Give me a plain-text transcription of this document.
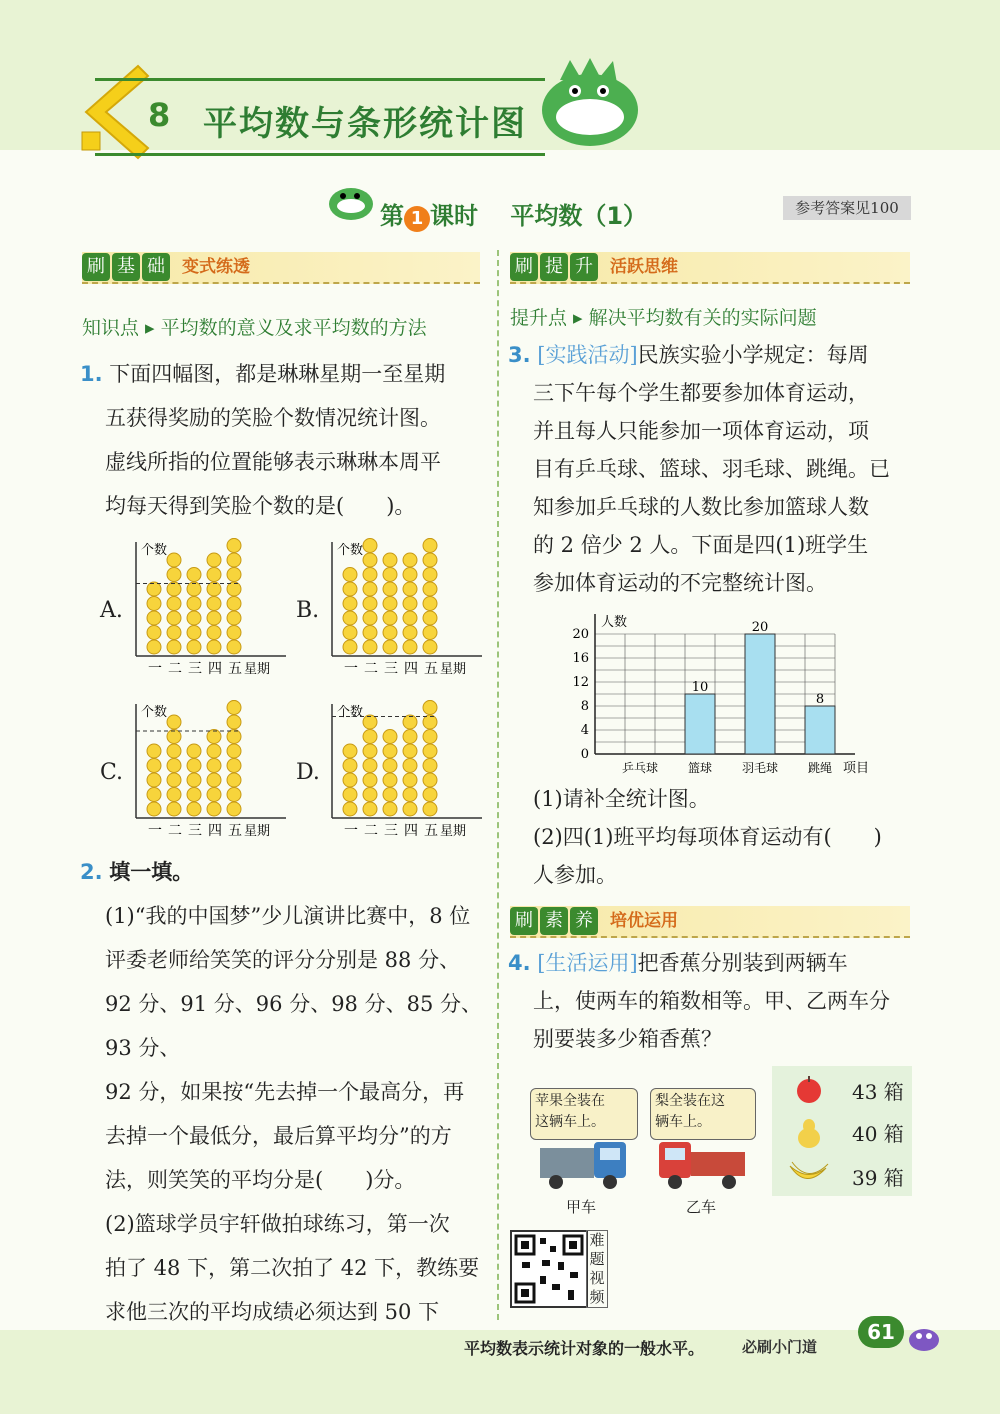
8 平均数与条形统计图
第 1 课时 平均数（1）	参考答案见100
刷 基 础 变式练透
知识点 ▸ 平均数的意义及求平均数的方法
1. 下面四幅图，都是琳琳星期一至星期
五获得奖励的笑脸个数情况统计图。
虚线所指的位置能够表示琳琳本周平
均每天得到笑脸个数的是(　　)。
A.
个数
一 二 三 四 五 星期
B.
个数
一 二 三 四 五 星期
C.
个数
一 二 三 四 五 星期
D.
个数
一 二 三 四 五 星期
2. 填一填。
(1)“我的中国梦”少儿演讲比赛中，8 位
评委老师给笑笑的评分分别是 88 分、
92 分、91 分、96 分、98 分、85 分、93 分、
92 分，如果按“先去掉一个最高分，再
去掉一个最低分，最后算平均分”的方
法，则笑笑的平均分是(　　)分。
(2)篮球学员宇轩做拍球练习，第一次
拍了 48 下，第二次拍了 42 下，教练要
求他三次的平均成绩必须达到 50 下
刷 提 升 活跃思维
提升点 ▸ 解决平均数有关的实际问题
3. [实践活动]民族实验小学规定：每周
三下午每个学生都要参加体育运动，
并且每人只能参加一项体育运动，项
目有乒乓球、篮球、羽毛球、跳绳。已
知参加乒乓球的人数比参加篮球人数
的 2 倍少 2 人。下面是四(1)班学生
参加体育运动的不完整统计图。
人数
0
4
8
12
16
20
乒乓球
10
篮球
20
羽毛球
8
跳绳 项目
(1)请补全统计图。
(2)四(1)班平均每项体育运动有(　　)
人参加。
刷 素 养 培优运用
4. [生活运用]把香蕉分别装到两辆车
上，使两车的箱数相等。甲、乙两车分
别要装多少箱香蕉？
苹果全装在
这辆车上。
梨全装在这
辆车上。
甲车	乙车
43 箱
40 箱
39 箱
难
题
视
频
平均数表示统计对象的一般水平。	必刷小门道
61
